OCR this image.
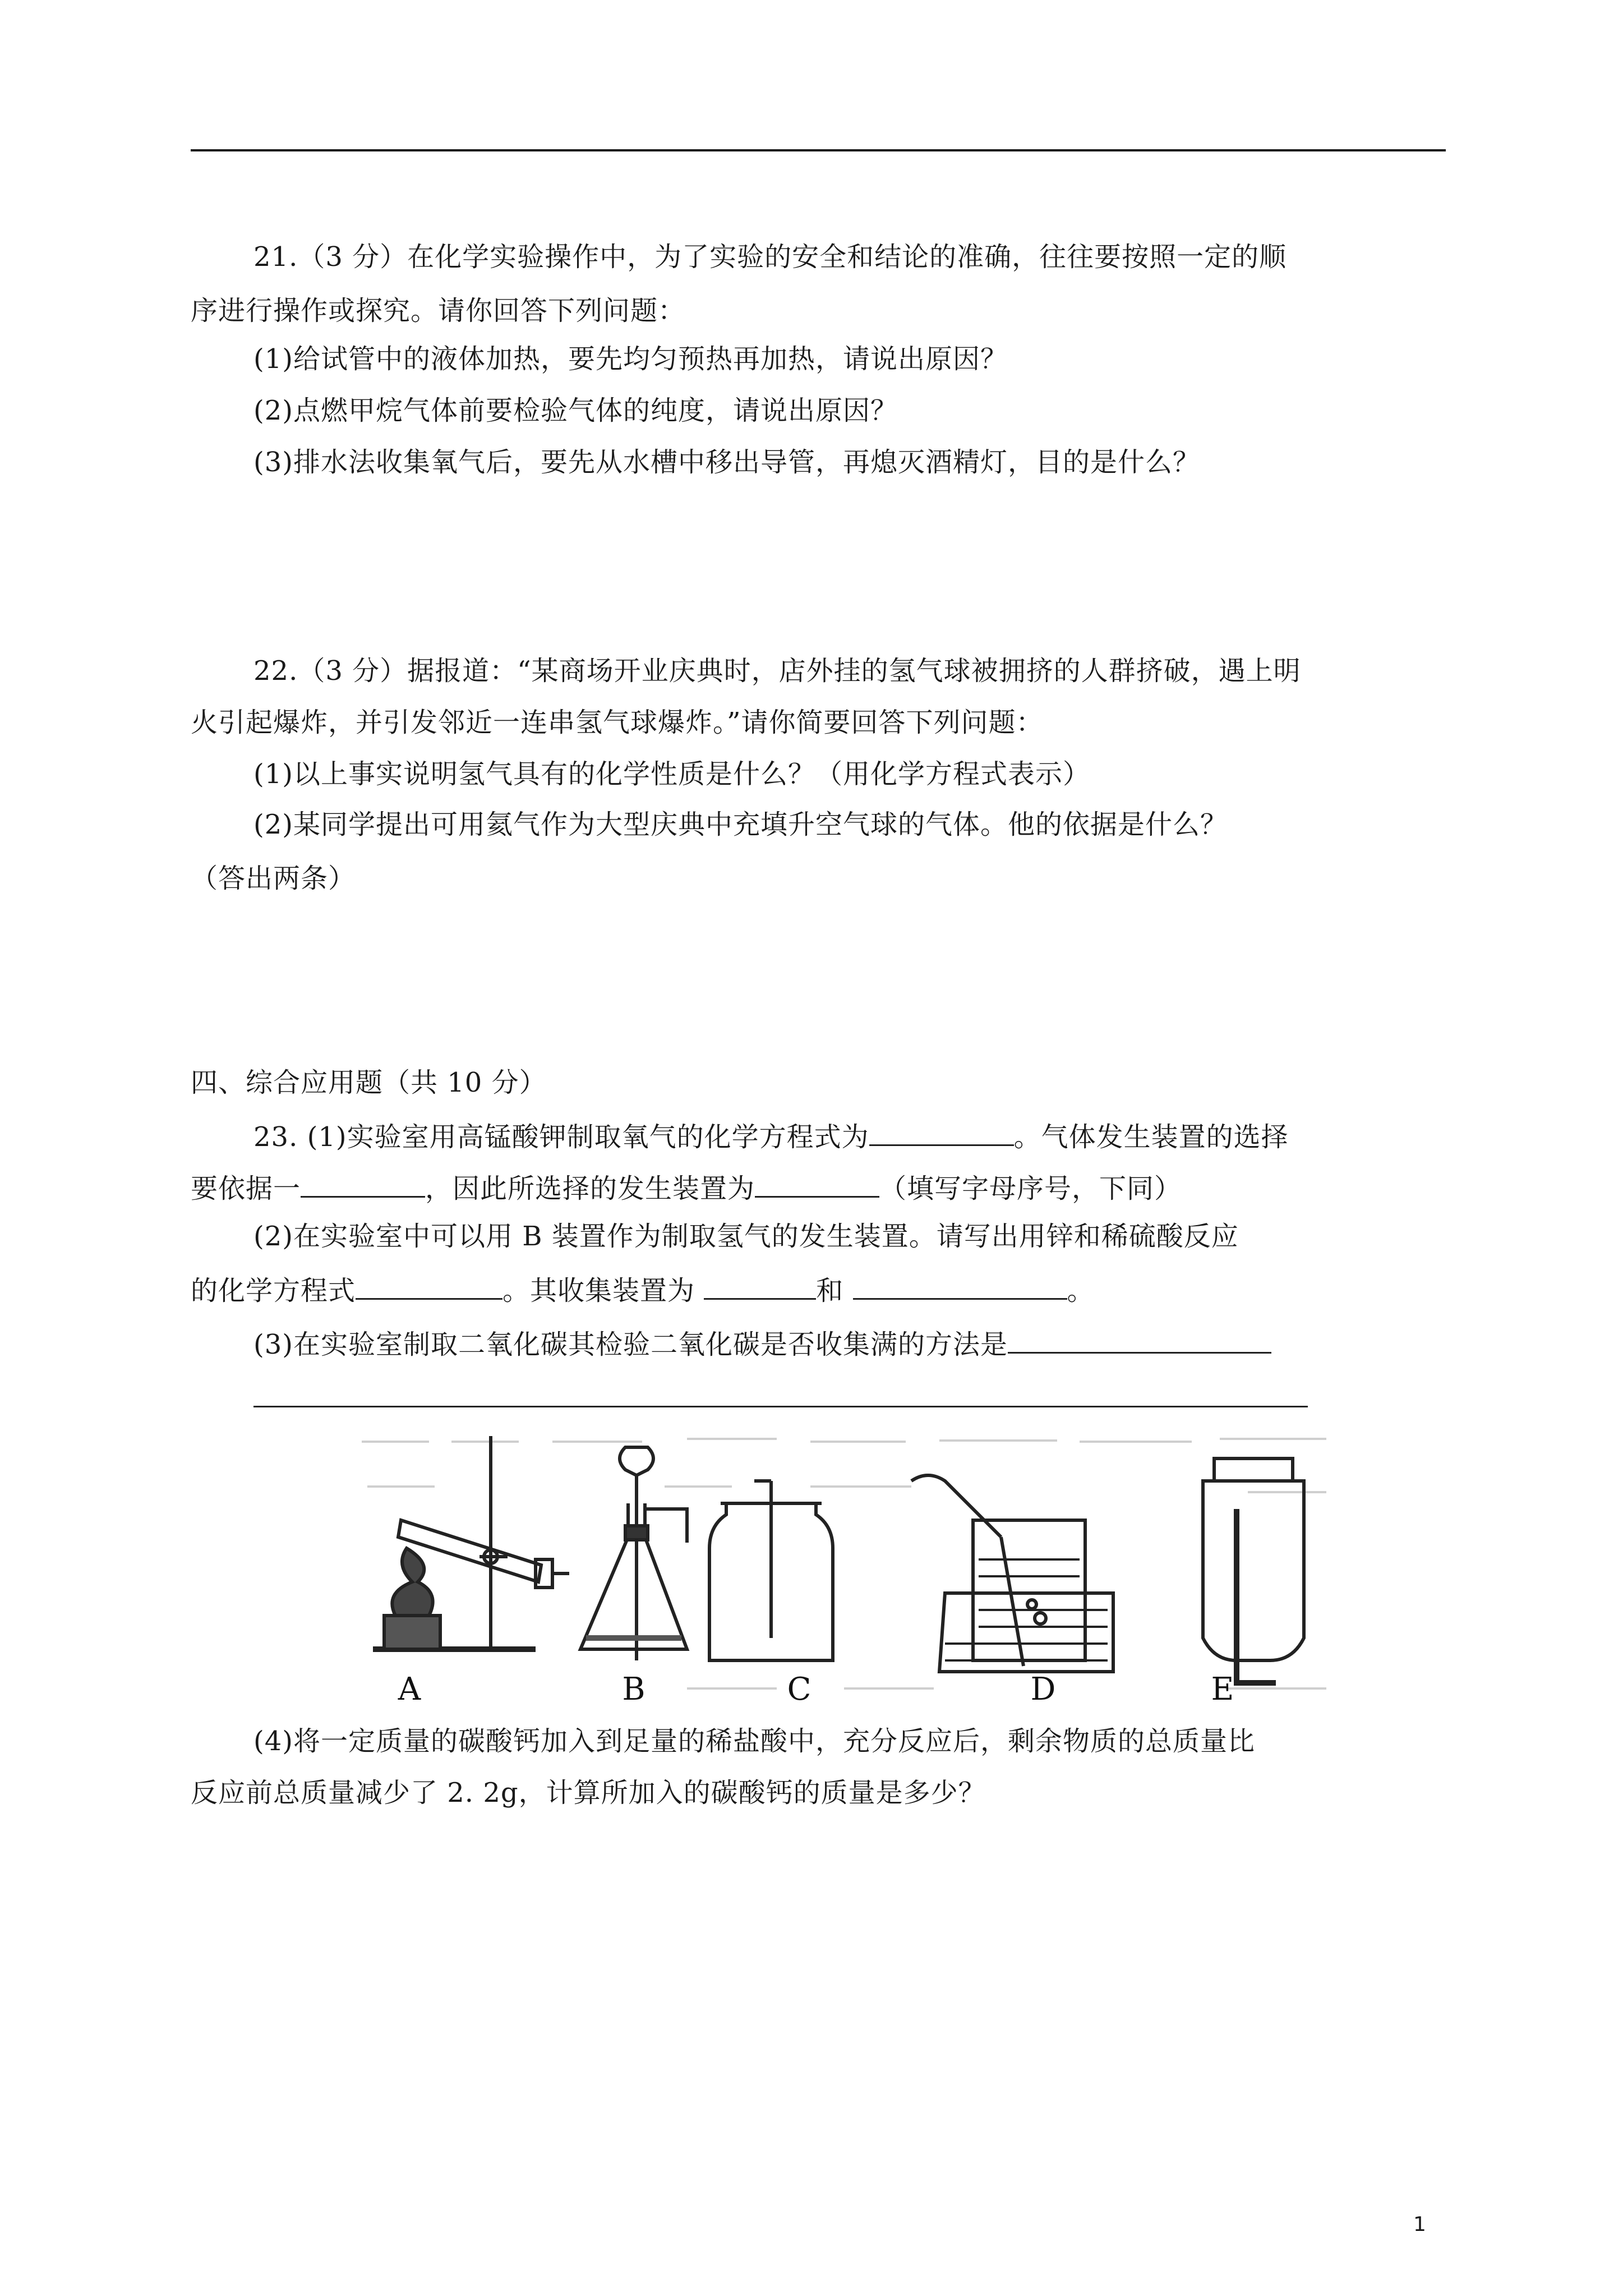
21.（3 分）在化学实验操作中，为了实验的安全和结论的准确，往往要按照一定的顺
序进行操作或探究。请你回答下列问题：
(1)给试管中的液体加热，要先均匀预热再加热，请说出原因？
(2)点燃甲烷气体前要检验气体的纯度，请说出原因？
(3)排水法收集氧气后，要先从水槽中移出导管，再熄灭酒精灯，目的是什么？
22.（3 分）据报道：“某商场开业庆典时，店外挂的氢气球被拥挤的人群挤破，遇上明
火引起爆炸，并引发邻近一连串氢气球爆炸。”请你简要回答下列问题：
(1)以上事实说明氢气具有的化学性质是什么？（用化学方程式表示）
(2)某同学提出可用氦气作为大型庆典中充填升空气球的气体。他的依据是什么？
（答出两条）
四、综合应用题（共 10 分）
23. (1)实验室用高锰酸钾制取氧气的化学方程式为	。气体发生装置的选择
要依据一	，因此所选择的发生装置为	（填写字母序号，下同）
(2)在实验室中可以用 B 装置作为制取氢气的发生装置。请写出用锌和稀硫酸反应
的化学方程式	。其收集装置为	和	。
(3)在实验室制取二氧化碳其检验二氧化碳是否收集满的方法是
A	B	C	D	E
(4)将一定质量的碳酸钙加入到足量的稀盐酸中，充分反应后，剩余物质的总质量比
反应前总质量减少了 2. 2g，计算所加入的碳酸钙的质量是多少？
1
